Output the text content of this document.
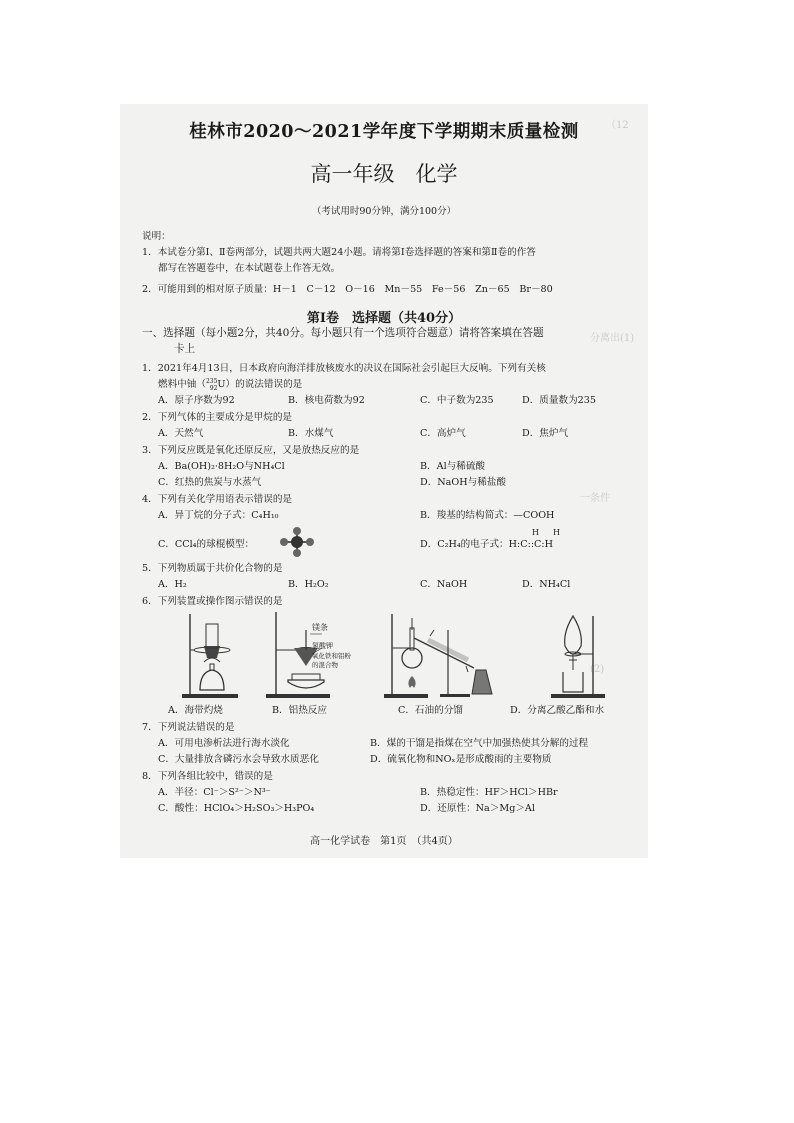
（12
分离出(1)
一条件
(2)
桂林市2020～2021学年度下学期期末质量检测
高一年级　化学
（考试用时90分钟，满分100分）
说明：
1．本试卷分第Ⅰ、Ⅱ卷两部分，试题共两大题24小题。请将第Ⅰ卷选择题的答案和第Ⅱ卷的作答
都写在答题卷中，在本试题卷上作答无效。
2．可能用到的相对原子质量：H－1　C－12　O－16　Mn－55　Fe－56　Zn－65　Br－80
第Ⅰ卷　选择题（共40分）
一、选择题（每小题2分，共40分。每小题只有一个选项符合题意）请将答案填在答题
卡上
1．2021年4月13日，日本政府向海洋排放核废水的决议在国际社会引起巨大反响。下列有关核
燃料中铀（235
92U）的说法错误的是
A．原子序数为92	B．核电荷数为92	C．中子数为235	D．质量数为235
2．下列气体的主要成分是甲烷的是
A．天然气	B．水煤气	C．高炉气	D．焦炉气
3．下列反应既是氧化还原反应，又是放热反应的是
A．Ba(OH)₂·8H₂O与NH₄Cl	B．Al与稀硫酸
C．红热的焦炭与水蒸气	D．NaOH与稀盐酸
4．下列有关化学用语表示错误的是
A．异丁烷的分子式：C₄H₁₀	B．羧基的结构简式：—COOH
C．CCl₄的球棍模型：
H　H
D．C₂H₄的电子式：H:C::C:H
5．下列物质属于共价化合物的是
A．H₂	B．H₂O₂	C．NaOH	D．NH₄Cl
6．下列装置或操作图示错误的是
镁条
氯酸钾
氧化铁和铝粉
的混合物
A．海带灼烧	B．铝热反应	C．石油的分馏	D．分离乙酸乙酯和水
7．下列说法错误的是
A．可用电渗析法进行海水淡化	B．煤的干馏是指煤在空气中加强热使其分解的过程
C．大量排放含磷污水会导致水质恶化	D．硫氧化物和NOₓ是形成酸雨的主要物质
8．下列各组比较中，错误的是
A．半径：Cl⁻＞S²⁻＞N³⁻	B．热稳定性：HF＞HCl＞HBr
C．酸性：HClO₄＞H₂SO₃＞H₃PO₄	D．还原性：Na＞Mg＞Al
高一化学试卷　第1页　（共4页）
